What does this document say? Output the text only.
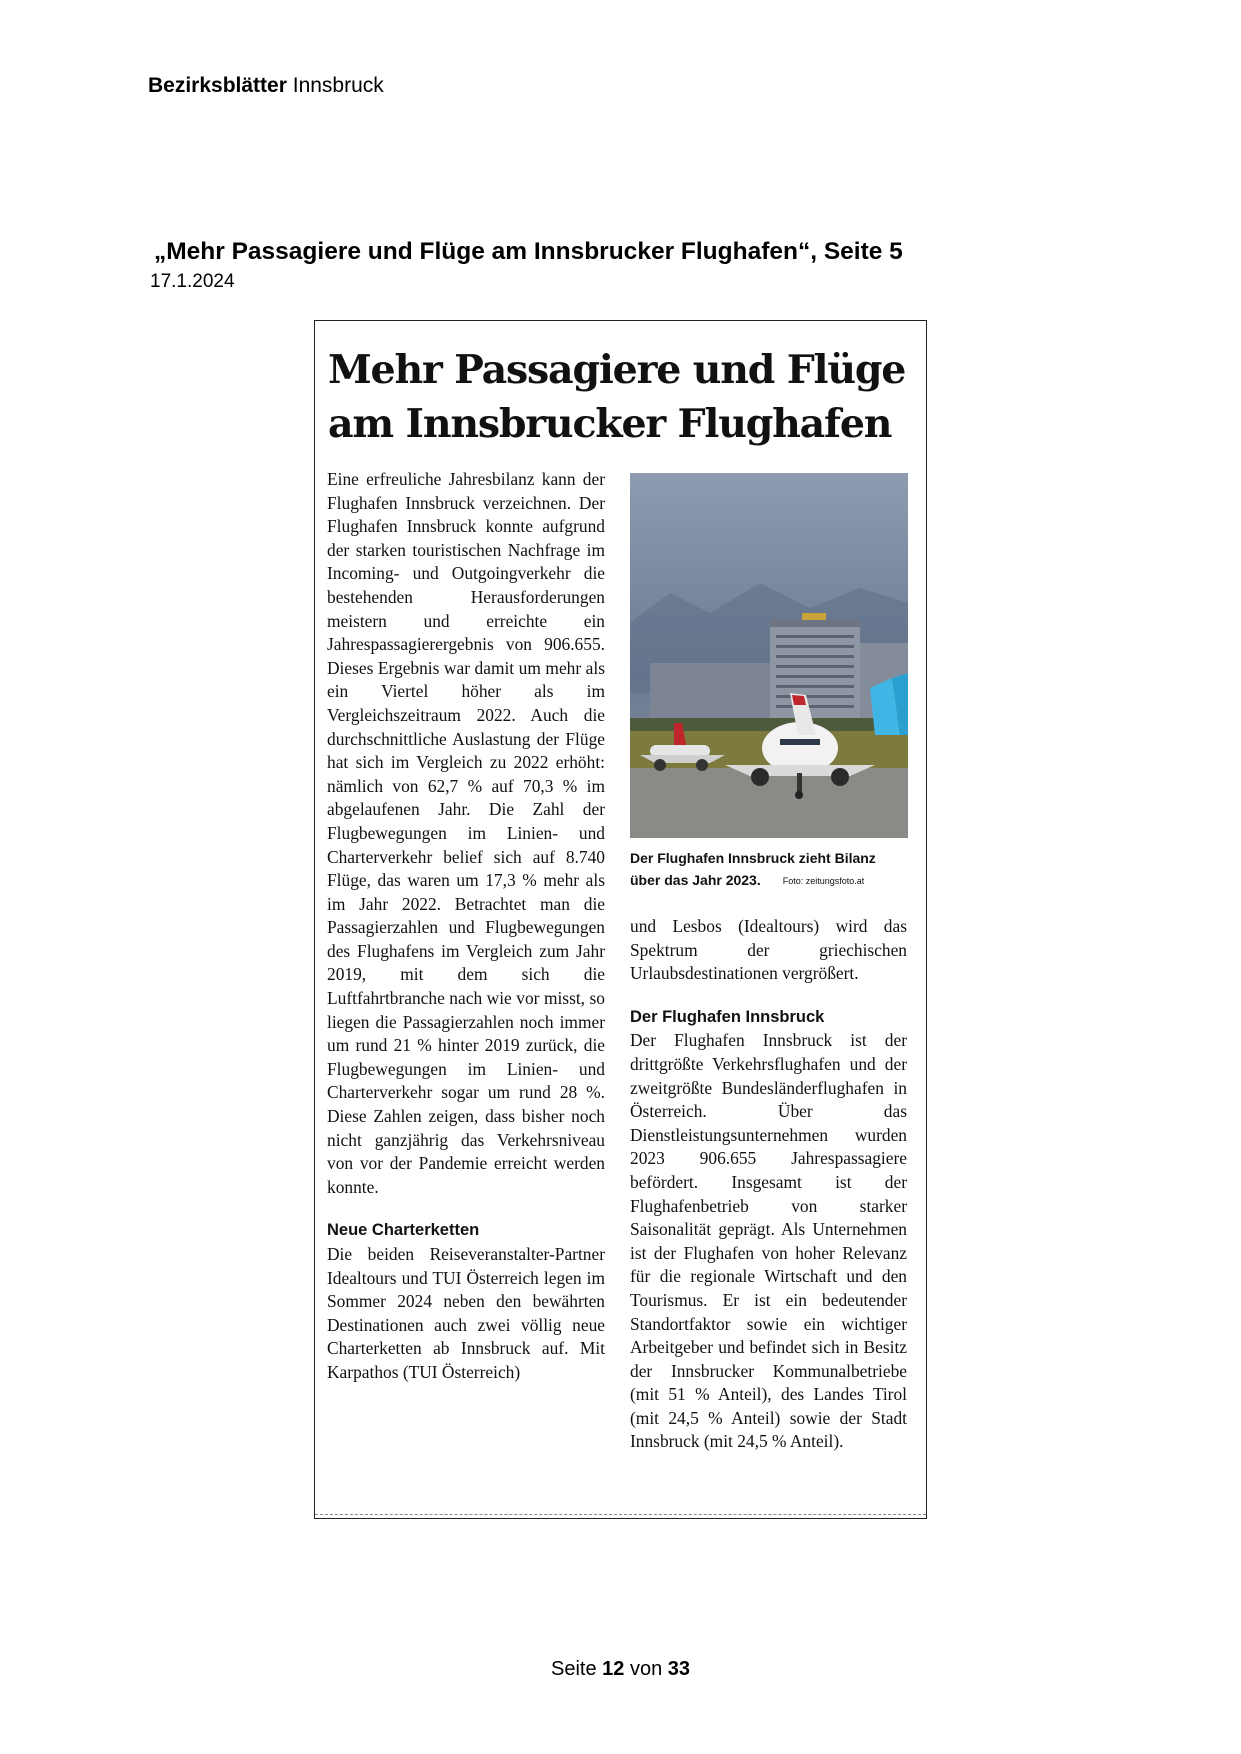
Bezirksblätter Innsbruck
„Mehr Passagiere und Flüge am Innsbrucker Flughafen“, Seite 5
17.1.2024
Mehr Passagiere und Flüge am Innsbrucker Flughafen

Eine erfreuliche Jahresbilanz kann der Flughafen Innsbruck verzeichnen. Der Flughafen Innsbruck konnte aufgrund der starken touristischen Nachfrage im Incoming- und Outgoingverkehr die bestehenden Herausforderungen meistern und erreichte ein Jahrespassagierergebnis von 906.655. Dieses Ergebnis war damit um mehr als ein Viertel höher als im Vergleichszeitraum 2022. Auch die durchschnittliche Auslastung der Flüge hat sich im Vergleich zu 2022 erhöht: nämlich von 62,7 % auf 70,3 % im abgelaufenen Jahr. Die Zahl der Flugbewegungen im Linien- und Charterverkehr belief sich auf 8.740 Flüge, das waren um 17,3 % mehr als im Jahr 2022. Betrachtet man die Passagierzahlen und Flugbewegungen des Flughafens im Vergleich zum Jahr 2019, mit dem sich die Luftfahrtbranche nach wie vor misst, so liegen die Passagierzahlen noch immer um rund 21 % hinter 2019 zurück, die Flugbewegungen im Linien- und Charterverkehr sogar um rund 28 %. Diese Zahlen zeigen, dass bisher noch nicht ganzjährig das Verkehrsniveau von vor der Pandemie erreicht werden konnte.

Neue Charterketten

Die beiden Reiseveranstalter-Partner Idealtours und TUI Österreich legen im Sommer 2024 neben den bewährten Destinationen auch zwei völlig neue Charterketten ab Innsbruck auf. Mit Karpathos (TUI Österreich)

Der Flughafen Innsbruck zieht Bilanz über das Jahr 2023. Foto: zeitungsfoto.at

und Lesbos (Idealtours) wird das Spektrum der griechischen Urlaubsdestinationen vergrößert.

Der Flughafen Innsbruck

Der Flughafen Innsbruck ist der drittgrößte Verkehrsflughafen und der zweitgrößte Bundesländerflughafen in Österreich. Über das Dienstleistungsunternehmen wurden 2023 906.655 Jahrespassagiere befördert. Insgesamt ist der Flughafenbetrieb von starker Saisonalität geprägt. Als Unternehmen ist der Flughafen von hoher Relevanz für die regionale Wirtschaft und den Tourismus. Er ist ein bedeutender Standortfaktor sowie ein wichtiger Arbeitgeber und befindet sich in Besitz der Innsbrucker Kommunalbetriebe (mit 51 % Anteil), des Landes Tirol (mit 24,5 % Anteil) sowie der Stadt Innsbruck (mit 24,5 % Anteil).

Seite 12 von 33
